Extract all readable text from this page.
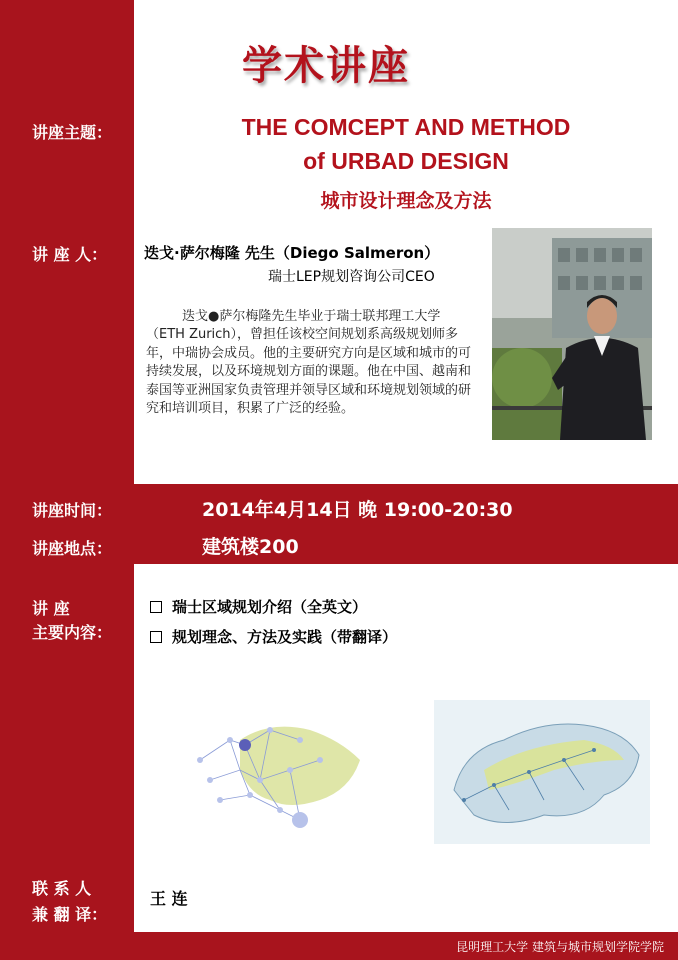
学术讲座
讲座主题：	THE COMCEPT AND METHOD
of URBAD DESIGN
城市设计理念及方法
讲 座 人： 迭戈·萨尔梅隆 先生（Diego Salmeron）
瑞士LEP规划咨询公司CEO
迭戈●萨尔梅隆先生毕业于瑞士联邦理工大学（ETH Zurich），曾担任该校空间规划系高级规划师多年，中瑞协会成员。他的主要研究方向是区域和城市的可持续发展，以及环境规划方面的课题。他在中国、越南和泰国等亚洲国家负责管理并领导区域和环境规划领域的研究和培训项目，积累了广泛的经验。
讲座时间：	2014年4月14日 晚 19:00-20:30
讲座地点：	建筑楼200
讲 座
主要内容：
瑞士区域规划介绍（全英文）
规划理念、方法及实践（带翻译）
联 系 人
兼 翻 译：
王 连
昆明理工大学 建筑与城市规划学院学院
